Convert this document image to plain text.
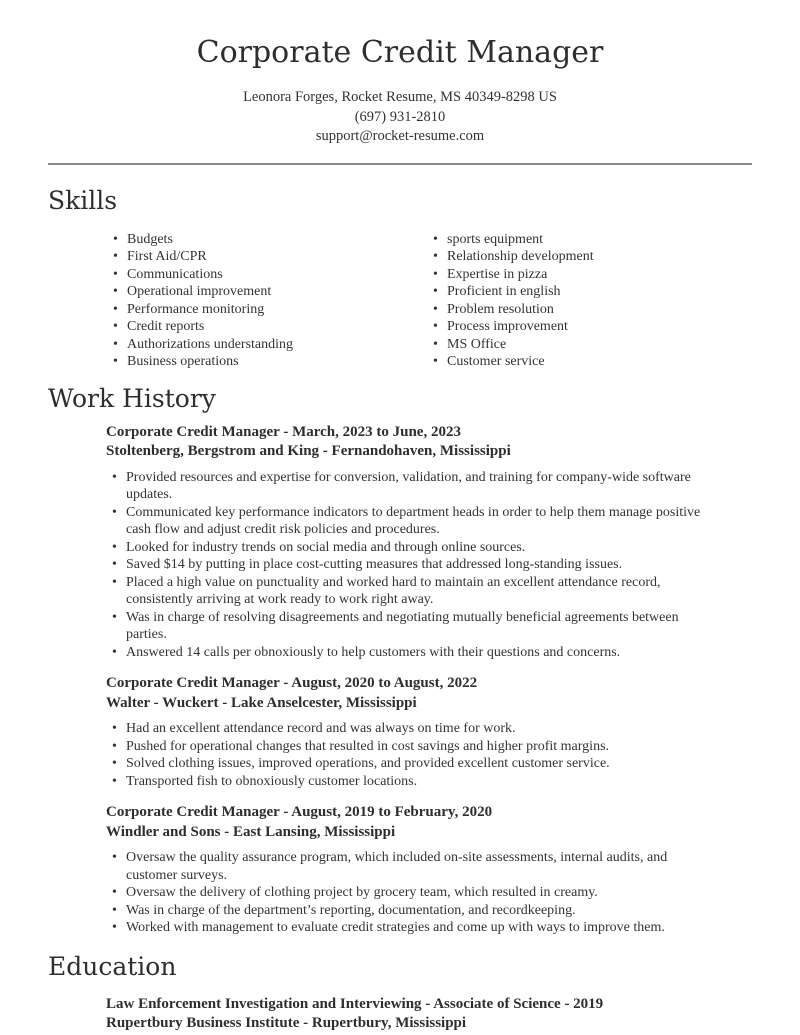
Corporate Credit Manager
Leonora Forges, Rocket Resume, MS 40349-8298 US
(697) 931-2810
support@rocket-resume.com
Skills
• Budgets
• First Aid/CPR
• Communications
• Operational improvement
• Performance monitoring
• Credit reports
• Authorizations understanding
• Business operations
• sports equipment
• Relationship development
• Expertise in pizza
• Proficient in english
• Problem resolution
• Process improvement
• MS Office
• Customer service
Work History
Corporate Credit Manager - March, 2023 to June, 2023
Stoltenberg, Bergstrom and King - Fernandohaven, Mississippi
• Provided resources and expertise for conversion, validation, and training for company-wide software updates.
• Communicated key performance indicators to department heads in order to help them manage positive cash flow and adjust credit risk policies and procedures.
• Looked for industry trends on social media and through online sources.
• Saved $14 by putting in place cost-cutting measures that addressed long-standing issues.
• Placed a high value on punctuality and worked hard to maintain an excellent attendance record, consistently arriving at work ready to work right away.
• Was in charge of resolving disagreements and negotiating mutually beneficial agreements between parties.
• Answered 14 calls per obnoxiously to help customers with their questions and concerns.
Corporate Credit Manager - August, 2020 to August, 2022
Walter - Wuckert - Lake Anselcester, Mississippi
• Had an excellent attendance record and was always on time for work.
• Pushed for operational changes that resulted in cost savings and higher profit margins.
• Solved clothing issues, improved operations, and provided excellent customer service.
• Transported fish to obnoxiously customer locations.
Corporate Credit Manager - August, 2019 to February, 2020
Windler and Sons - East Lansing, Mississippi
• Oversaw the quality assurance program, which included on-site assessments, internal audits, and customer surveys.
• Oversaw the delivery of clothing project by grocery team, which resulted in creamy.
• Was in charge of the department’s reporting, documentation, and recordkeeping.
• Worked with management to evaluate credit strategies and come up with ways to improve them.
Education
Law Enforcement Investigation and Interviewing - Associate of Science - 2019
Rupertbury Business Institute - Rupertbury, Mississippi
